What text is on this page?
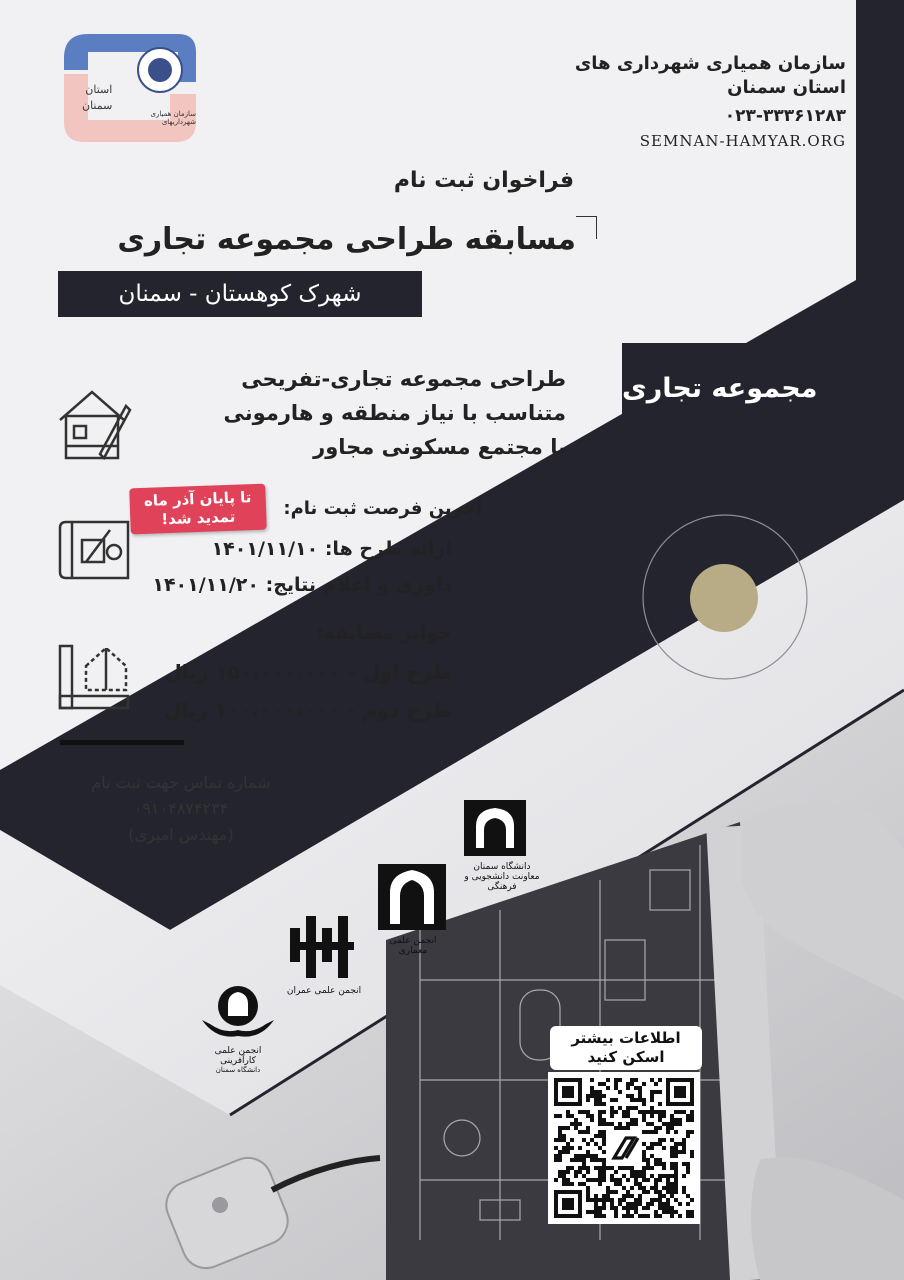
استان
سمنان
سازمان همیاری شهرداریهای
سازمان همیاری شهرداری های استان سمنان
۰۲۳-۳۳۳۶۱۲۸۳
SEMNAN-HAMYAR.ORG
فراخوان ثبت نام
مسابقه طراحی مجموعه تجاری
شهرک کوهستان - سمنان
مجموعه تجاری
طراحی مجموعه تجاری-تفریحی
متناسب با نیاز منطقه و هارمونی
با مجتمع مسکونی مجاور
آخرین فرصت ثبت نام:
تا پایان آذر ماه
تمدید شد!
ارائه طرح ها: ۱۴۰۱/۱۱/۱۰
داوری و اعلام نتایج: ۱۴۰۱/۱۱/۲۰
جوایز مسابقه:
طرح اول - ۱۵۰،۰۰۰،۰۰۰ ریال
طرح دوم - ۱۰۰،۰۰۰،۰۰۰ ریال
شماره تماس جهت ثبت نام
۰۹۱۰۴۸۷۴۲۳۴
(مهندس امیری)
دانشگاه سمنان
معاونت دانشجویی و فرهنگی
انجمن علمی معماری
انجمن علمی عمران
انجمن علمی کارآفرینی
دانشگاه سمنان
اطلاعات بیشتر
اسکن کنید
